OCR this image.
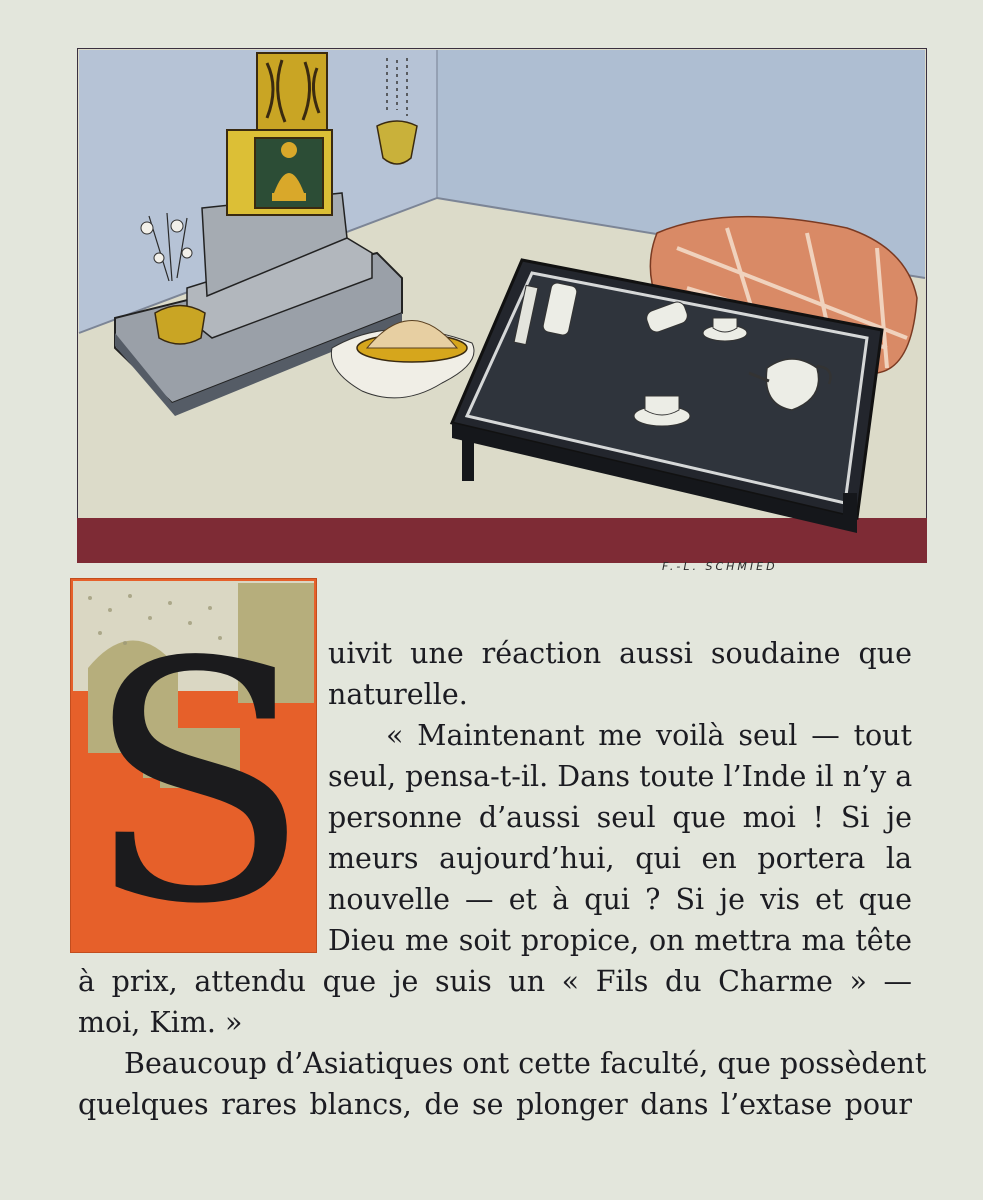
F.-L. SCHMIED
S uivit une réaction aussi soudaine que
naturelle.
« Maintenant me voilà seul — tout
seul, pensa-t-il. Dans toute l’Inde il n’y a
personne d’aussi seul que moi ! Si je
meurs aujourd’hui, qui en portera la
nouvelle — et à qui ? Si je vis et que
Dieu me soit propice, on mettra ma tête
à prix, attendu que je suis un « Fils du Charme » —
moi, Kim. »
Beaucoup d’Asiatiques ont cette faculté, que possèdent
quelques rares blancs, de se plonger dans l’extase pour
